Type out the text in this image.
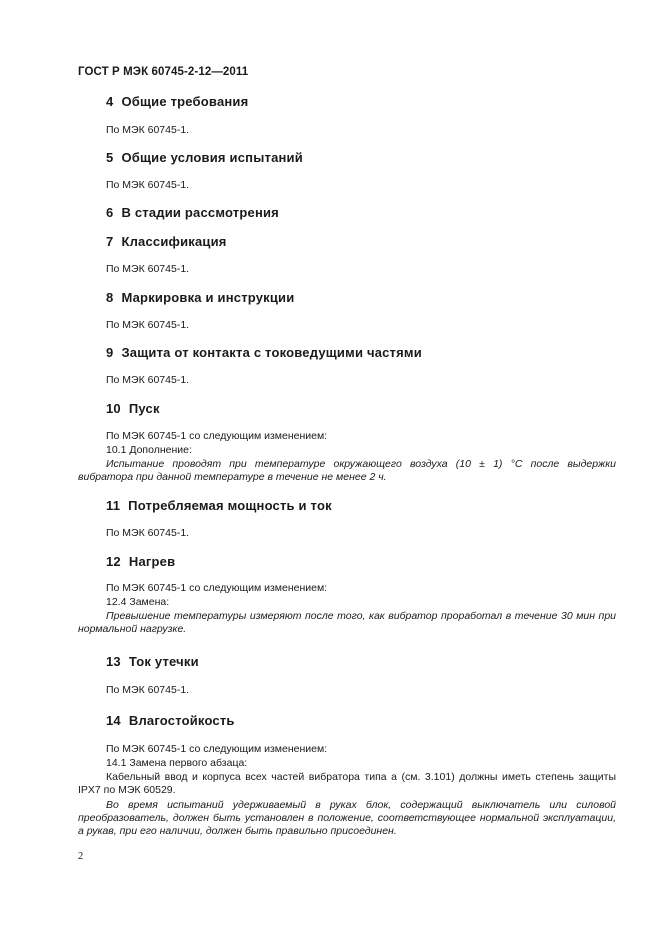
ГОСТ Р МЭК 60745-2-12—2011
4 Общие требования
По МЭК 60745-1.
5 Общие условия испытаний
По МЭК 60745-1.
6 В стадии рассмотрения
7 Классификация
По МЭК 60745-1.
8 Маркировка и инструкции
По МЭК 60745-1.
9 Защита от контакта с токоведущими частями
По МЭК 60745-1.
10 Пуск
По МЭК 60745-1 со следующим изменением:
10.1 Дополнение:
Испытание проводят при температуре окружающего воздуха (10 ± 1) °С после выдержки вибратора при данной температуре в течение не менее 2 ч.
11 Потребляемая мощность и ток
По МЭК 60745-1.
12 Нагрев
По МЭК 60745-1 со следующим изменением:
12.4 Замена:
Превышение температуры измеряют после того, как вибратор проработал в течение 30 мин при нормальной нагрузке.
13 Ток утечки
По МЭК 60745-1.
14 Влагостойкость
По МЭК 60745-1 со следующим изменением:
14.1 Замена первого абзаца:
Кабельный ввод и корпуса всех частей вибратора типа а (см. 3.101) должны иметь степень защиты IPX7 по МЭК 60529.
Во время испытаний удерживаемый в руках блок, содержащий выключатель или силовой преобразователь, должен быть установлен в положение, соответствующее нормальной эксплуатации, а рукав, при его наличии, должен быть правильно присоединен.
2
